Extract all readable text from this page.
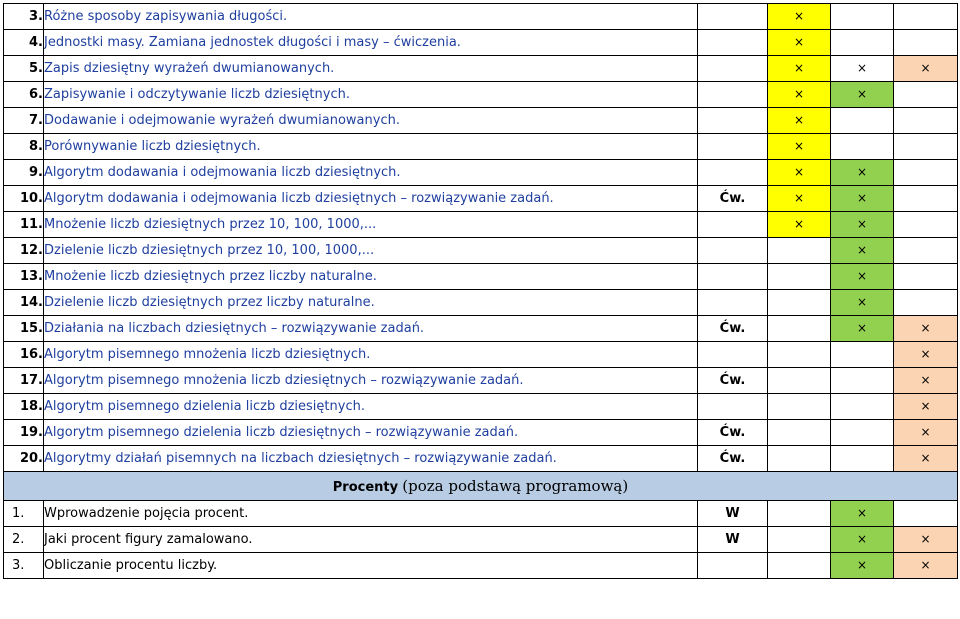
3.	Różne sposoby zapisywania długości.		×		
4.	Jednostki masy. Zamiana jednostek długości i masy – ćwiczenia.		×		
5.	Zapis dziesiętny wyrażeń dwumianowanych.		×	×	×
6.	Zapisywanie i odczytywanie liczb dziesiętnych.		×	×	
7.	Dodawanie i odejmowanie wyrażeń dwumianowanych.		×		
8.	Porównywanie liczb dziesiętnych.		×		
9.	Algorytm dodawania i odejmowania liczb dziesiętnych.		×	×	
10.	Algorytm dodawania i odejmowania liczb dziesiętnych – rozwiązywanie zadań.	Ćw.	×	×	
11.	Mnożenie liczb dziesiętnych przez 10, 100, 1000,...		×	×	
12.	Dzielenie liczb dziesiętnych przez 10, 100, 1000,...			×	
13.	Mnożenie liczb dziesiętnych przez liczby naturalne.			×	
14.	Dzielenie liczb dziesiętnych przez liczby naturalne.			×	
15.	Działania na liczbach dziesiętnych – rozwiązywanie zadań.	Ćw.		×	×
16.	Algorytm pisemnego mnożenia liczb dziesiętnych.				×
17.	Algorytm pisemnego mnożenia liczb dziesiętnych – rozwiązywanie zadań.	Ćw.			×
18.	Algorytm pisemnego dzielenia liczb dziesiętnych.				×
19.	Algorytm pisemnego dzielenia liczb dziesiętnych – rozwiązywanie zadań.	Ćw.			×
20.	Algorytmy działań pisemnych na liczbach dziesiętnych – rozwiązywanie zadań.	Ćw.			×
Procenty (poza podstawą programową)					
1.	Wprowadzenie pojęcia procent.	W		×	
2.	Jaki procent figury zamalowano.	W		×	×
3.	Obliczanie procentu liczby.			×	×
